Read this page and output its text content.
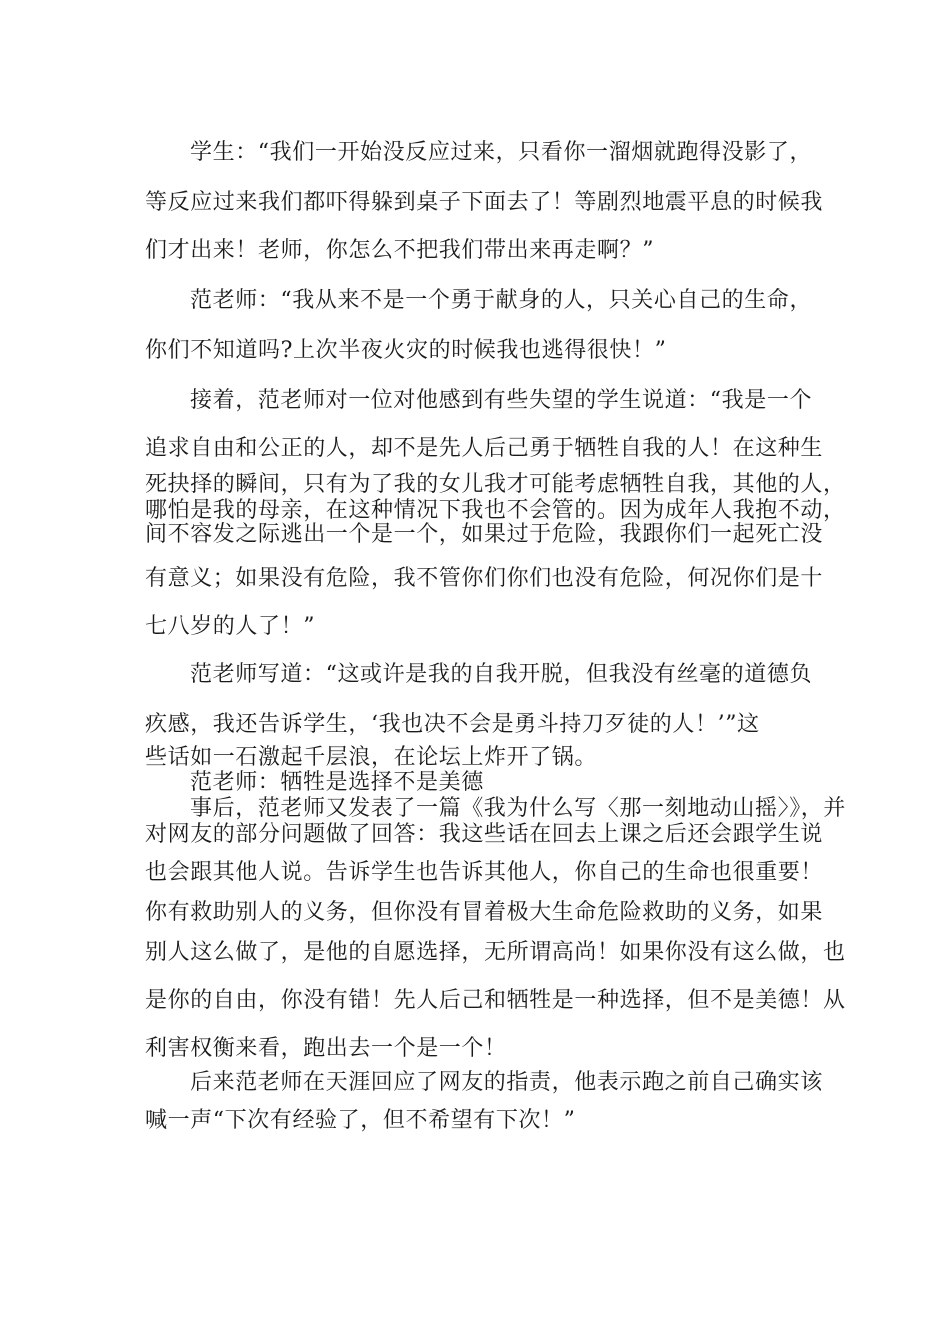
学生：“我们一开始没反应过来，只看你一溜烟就跑得没影了，
等反应过来我们都吓得躲到桌子下面去了！等剧烈地震平息的时候我
们才出来！老师，你怎么不把我们带出来再走啊？”
范老师：“我从来不是一个勇于献身的人，只关心自己的生命，
你们不知道吗?上次半夜火灾的时候我也逃得很快！”
接着，范老师对一位对他感到有些失望的学生说道：“我是一个
追求自由和公正的人，却不是先人后己勇于牺牲自我的人！在这种生
死抉择的瞬间，只有为了我的女儿我才可能考虑牺牲自我，其他的人，
哪怕是我的母亲，在这种情况下我也不会管的。因为成年人我抱不动，
间不容发之际逃出一个是一个，如果过于危险，我跟你们一起死亡没
有意义；如果没有危险，我不管你们你们也没有危险，何况你们是十
七八岁的人了！”
范老师写道：“这或许是我的自我开脱，但我没有丝毫的道德负
疚感，我还告诉学生，‘我也决不会是勇斗持刀歹徒的人！’”这
些话如一石激起千层浪，在论坛上炸开了锅。
范老师：牺牲是选择不是美德
事后，范老师又发表了一篇《我为什么写〈那一刻地动山摇〉》，并
对网友的部分问题做了回答：我这些话在回去上课之后还会跟学生说
也会跟其他人说。告诉学生也告诉其他人，你自己的生命也很重要！
你有救助别人的义务，但你没有冒着极大生命危险救助的义务，如果
别人这么做了，是他的自愿选择，无所谓高尚！如果你没有这么做，也
是你的自由，你没有错！先人后己和牺牲是一种选择，但不是美德！从
利害权衡来看，跑出去一个是一个！
后来范老师在天涯回应了网友的指责，他表示跑之前自己确实该
喊一声“下次有经验了，但不希望有下次！”
